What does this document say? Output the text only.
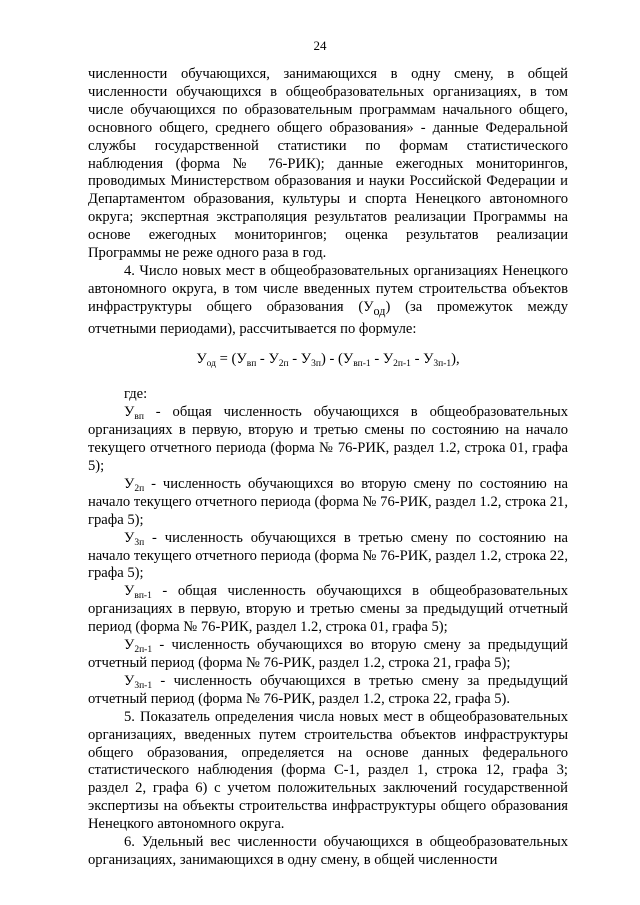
24

численности обучающихся, занимающихся в одну смену, в общей численности обучающихся в общеобразовательных организациях, в том числе обучающихся по образовательным программам начального общего, основного общего, среднего общего образования» - данные Федеральной службы государственной статистики по формам статистического наблюдения (форма № 76-РИК); данные ежегодных мониторингов, проводимых Министерством образования и науки Российской Федерации и Департаментом образования, культуры и спорта Ненецкого автономного округа; экспертная экстраполяция результатов реализации Программы на основе ежегодных мониторингов; оценка результатов реализации Программы не реже одного раза в год.

4. Число новых мест в общеобразовательных организациях Ненецкого автономного округа, в том числе введенных путем строительства объектов инфраструктуры общего образования $(У_{од})$ (за промежуток между отчетными периодами), рассчитывается по формуле:

$У_{од} = (У_{вп} - У_{2п} - У_{3п}) - (У_{вп-1} - У_{2п-1} - У_{3п-1})$,

где:

$У_{вп}$ - общая численность обучающихся в общеобразовательных организациях в первую, вторую и третью смены по состоянию на начало текущего отчетного периода (форма № 76-РИК, раздел 1.2, строка 01, графа 5);

$У_{2п}$ - численность обучающихся во вторую смену по состоянию на начало текущего отчетного периода (форма № 76-РИК, раздел 1.2, строка 21, графа 5);

$У_{3п}$ - численность обучающихся в третью смену по состоянию на начало текущего отчетного периода (форма № 76-РИК, раздел 1.2, строка 22, графа 5);

$У_{вп-1}$ - общая численность обучающихся в общеобразовательных организациях в первую, вторую и третью смены за предыдущий отчетный период (форма № 76-РИК, раздел 1.2, строка 01, графа 5);

$У_{2п-1}$ - численность обучающихся во вторую смену за предыдущий отчетный период (форма № 76-РИК, раздел 1.2, строка 21, графа 5);

$У_{3п-1}$ - численность обучающихся в третью смену за предыдущий отчетный период (форма № 76-РИК, раздел 1.2, строка 22, графа 5).

5. Показатель определения числа новых мест в общеобразовательных организациях, введенных путем строительства объектов инфраструктуры общего образования, определяется на основе данных федерального статистического наблюдения (форма С-1, раздел 1, строка 12, графа 3; раздел 2, графа 6) с учетом положительных заключений государственной экспертизы на объекты строительства инфраструктуры общего образования Ненецкого автономного округа.

6. Удельный вес численности обучающихся в общеобразовательных организациях, занимающихся в одну смену, в общей численности
